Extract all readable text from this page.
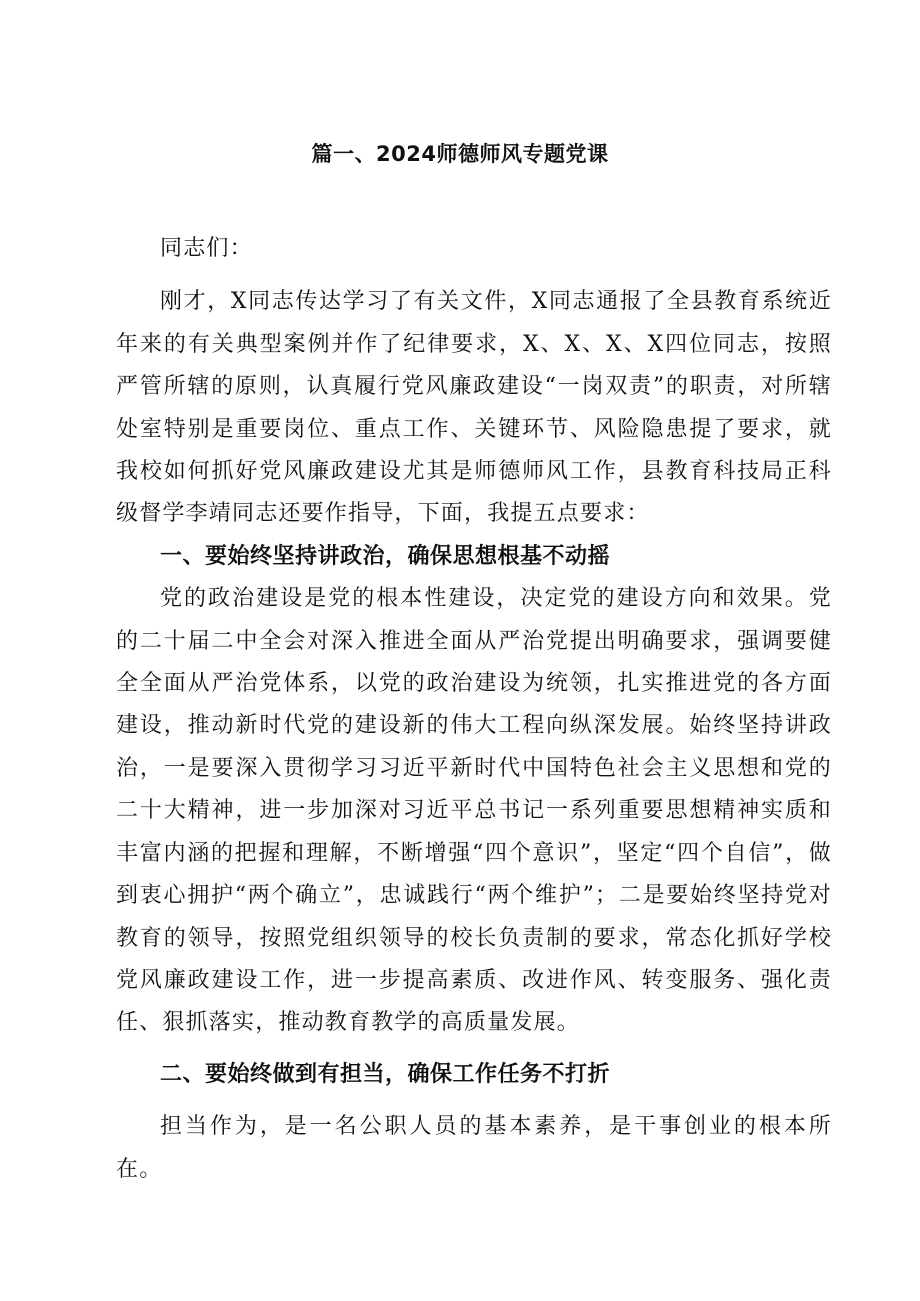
篇一、2024师德师风专题党课

同志们：

刚才，X同志传达学习了有关文件，X同志通报了全县教育系统近年来的有关典型案例并作了纪律要求，X、X、X、X四位同志，按照严管所辖的原则，认真履行党风廉政建设“一岗双责”的职责，对所辖处室特别是重要岗位、重点工作、关键环节、风险隐患提了要求，就我校如何抓好党风廉政建设尤其是师德师风工作，县教育科技局正科级督学李靖同志还要作指导，下面，我提五点要求：

一、要始终坚持讲政治，确保思想根基不动摇

党的政治建设是党的根本性建设，决定党的建设方向和效果。党的二十届二中全会对深入推进全面从严治党提出明确要求，强调要健全全面从严治党体系，以党的政治建设为统领，扎实推进党的各方面建设，推动新时代党的建设新的伟大工程向纵深发展。始终坚持讲政治，一是要深入贯彻学习习近平新时代中国特色社会主义思想和党的二十大精神，进一步加深对习近平总书记一系列重要思想精神实质和丰富内涵的把握和理解，不断增强“四个意识”，坚定“四个自信”，做到衷心拥护“两个确立”，忠诚践行“两个维护”；二是要始终坚持党对教育的领导，按照党组织领导的校长负责制的要求，常态化抓好学校党风廉政建设工作，进一步提高素质、改进作风、转变服务、强化责任、狠抓落实，推动教育教学的高质量发展。

二、要始终做到有担当，确保工作任务不打折

担当作为，是一名公职人员的基本素养，是干事创业的根本所在。
